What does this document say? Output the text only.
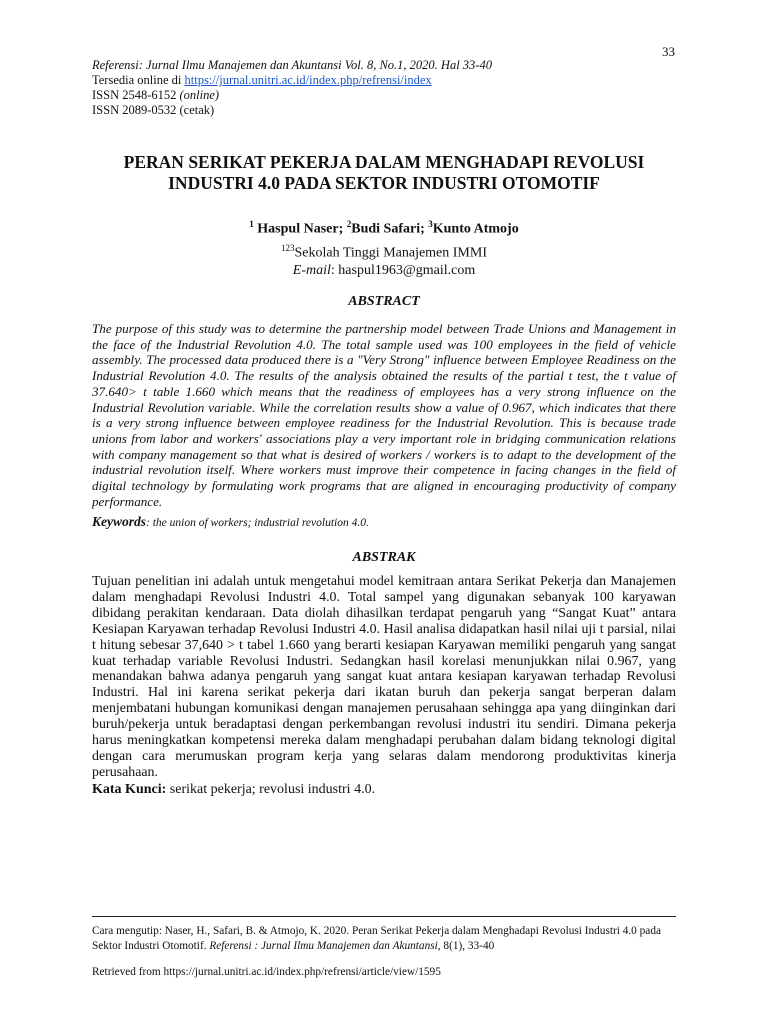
33
Referensi: Jurnal Ilmu Manajemen dan Akuntansi Vol. 8, No.1, 2020. Hal 33-40
Tersedia online di https://jurnal.unitri.ac.id/index.php/refrensi/index
ISSN 2548-6152 (online)
ISSN 2089-0532 (cetak)
PERAN SERIKAT PEKERJA DALAM MENGHADAPI REVOLUSI
INDUSTRI 4.0 PADA SEKTOR INDUSTRI OTOMOTIF
$^1$ Haspul Naser; $^2$Budi Safari; $^3$Kunto Atmojo
$^{123}$Sekolah Tinggi Manajemen IMMI
E-mail: haspul1963@gmail.com
ABSTRACT

The purpose of this study was to determine the partnership model between Trade Unions and Management in the face of the Industrial Revolution 4.0. The total sample used was 100 employees in the field of vehicle assembly. The processed data produced there is a "Very Strong" influence between Employee Readiness on the Industrial Revolution 4.0. The results of the analysis obtained the results of the partial t test, the t value of 37.640> t table 1.660 which means that the readiness of employees has a very strong influence on the Industrial Revolution variable. While the correlation results show a value of 0.967, which indicates that there is a very strong influence between employee readiness for the Industrial Revolution. This is because trade unions from labor and workers' associations play a very important role in bridging communication relations with company management so that what is desired of workers / workers is to adapt to the development of the industrial revolution itself. Where workers must improve their competence in facing changes in the field of digital technology by formulating work programs that are aligned in encouraging productivity of company performance.

Keywords: the union of workers; industrial revolution 4.0.
ABSTRAK

Tujuan penelitian ini adalah untuk mengetahui model kemitraan antara Serikat Pekerja dan Manajemen dalam menghadapi Revolusi Industri 4.0. Total sampel yang digunakan sebanyak 100 karyawan dibidang perakitan kendaraan. Data diolah dihasilkan terdapat pengaruh yang “Sangat Kuat” antara Kesiapan Karyawan terhadap Revolusi Industri 4.0. Hasil analisa didapatkan hasil nilai uji t parsial, nilai t hitung sebesar 37,640 > t tabel 1.660 yang berarti kesiapan Karyawan memiliki pengaruh yang sangat kuat terhadap variable Revolusi Industri. Sedangkan hasil korelasi menunjukkan nilai 0.967, yang menandakan bahwa adanya pengaruh yang sangat kuat antara kesiapan karyawan terhadap Revolusi Industri. Hal ini karena serikat pekerja dari ikatan buruh dan pekerja sangat berperan dalam menjembatani hubungan komunikasi dengan manajemen perusahaan sehingga apa yang diinginkan dari buruh/pekerja untuk beradaptasi dengan perkembangan revolusi industri itu sendiri. Dimana pekerja harus meningkatkan kompetensi mereka dalam menghadapi perubahan dalam bidang teknologi digital dengan cara merumuskan program kerja yang selaras dalam mendorong produktivitas kinerja perusahaan.

Kata Kunci: serikat pekerja; revolusi industri 4.0.
Cara mengutip: Naser, H., Safari, B. & Atmojo, K. 2020. Peran Serikat Pekerja dalam Menghadapi Revolusi Industri 4.0 pada Sektor Industri Otomotif. Referensi : Jurnal Ilmu Manajemen dan Akuntansi, 8(1), 33-40
Retrieved from https://jurnal.unitri.ac.id/index.php/refrensi/article/view/1595
